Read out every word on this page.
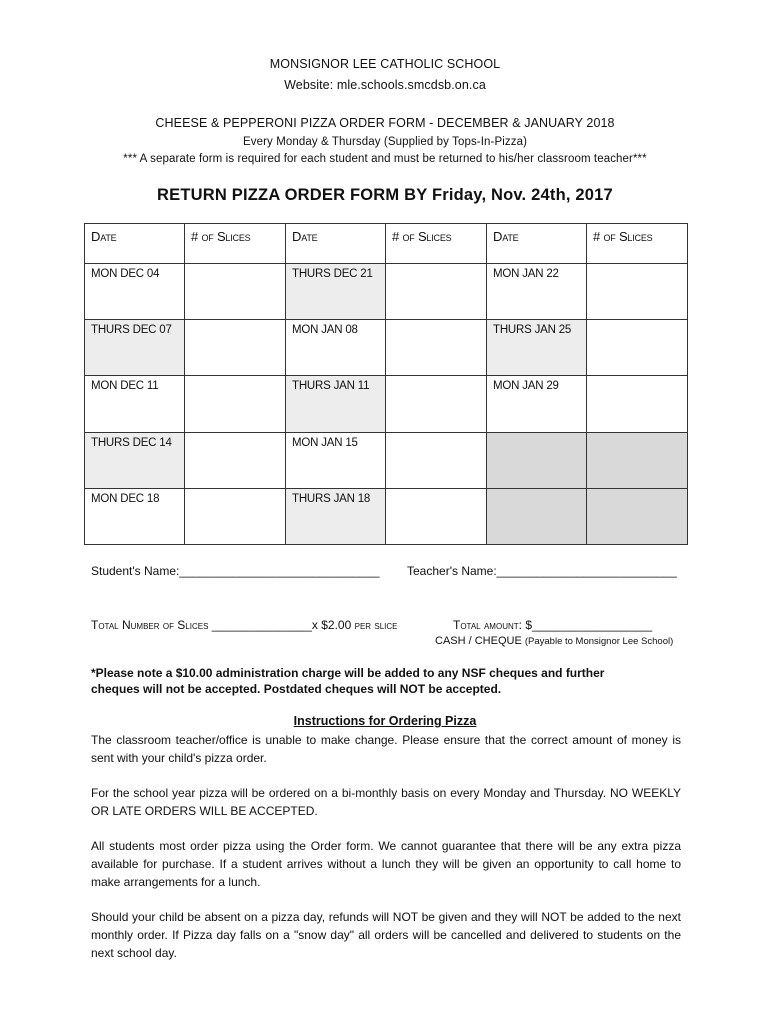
MONSIGNOR LEE CATHOLIC SCHOOL
Website: mle.schools.smcdsb.on.ca
CHEESE & PEPPERONI PIZZA ORDER FORM - DECEMBER & JANUARY 2018
Every Monday & Thursday (Supplied by Tops-In-Pizza)
*** A separate form is required for each student and must be returned to his/her classroom teacher***
RETURN PIZZA ORDER FORM BY Friday, Nov. 24th, 2017
Date	# of Slices	Date	# of Slices	Date	# of Slices
MON DEC 04		THURS DEC 21		MON JAN 22	
THURS DEC 07		MON JAN 08		THURS JAN 25	
MON DEC 11		THURS JAN 11		MON JAN 29	
THURS DEC 14		MON JAN 15			
MON DEC 18		THURS JAN 18			
Student's Name:______________________________ Teacher's Name:___________________________
Total Number of Slices _______________x $2.00 per slice	Total amount: $__________________
CASH / CHEQUE (Payable to Monsignor Lee School)
*Please note a $10.00 administration charge will be added to any NSF cheques and further cheques will not be accepted. Postdated cheques will NOT be accepted.
Instructions for Ordering Pizza
The classroom teacher/office is unable to make change. Please ensure that the correct amount of money is sent with your child's pizza order.
For the school year pizza will be ordered on a bi-monthly basis on every Monday and Thursday. NO WEEKLY OR LATE ORDERS WILL BE ACCEPTED.
All students most order pizza using the Order form. We cannot guarantee that there will be any extra pizza available for purchase. If a student arrives without a lunch they will be given an opportunity to call home to make arrangements for a lunch.
Should your child be absent on a pizza day, refunds will NOT be given and they will NOT be added to the next monthly order. If Pizza day falls on a "snow day" all orders will be cancelled and delivered to students on the next school day.
